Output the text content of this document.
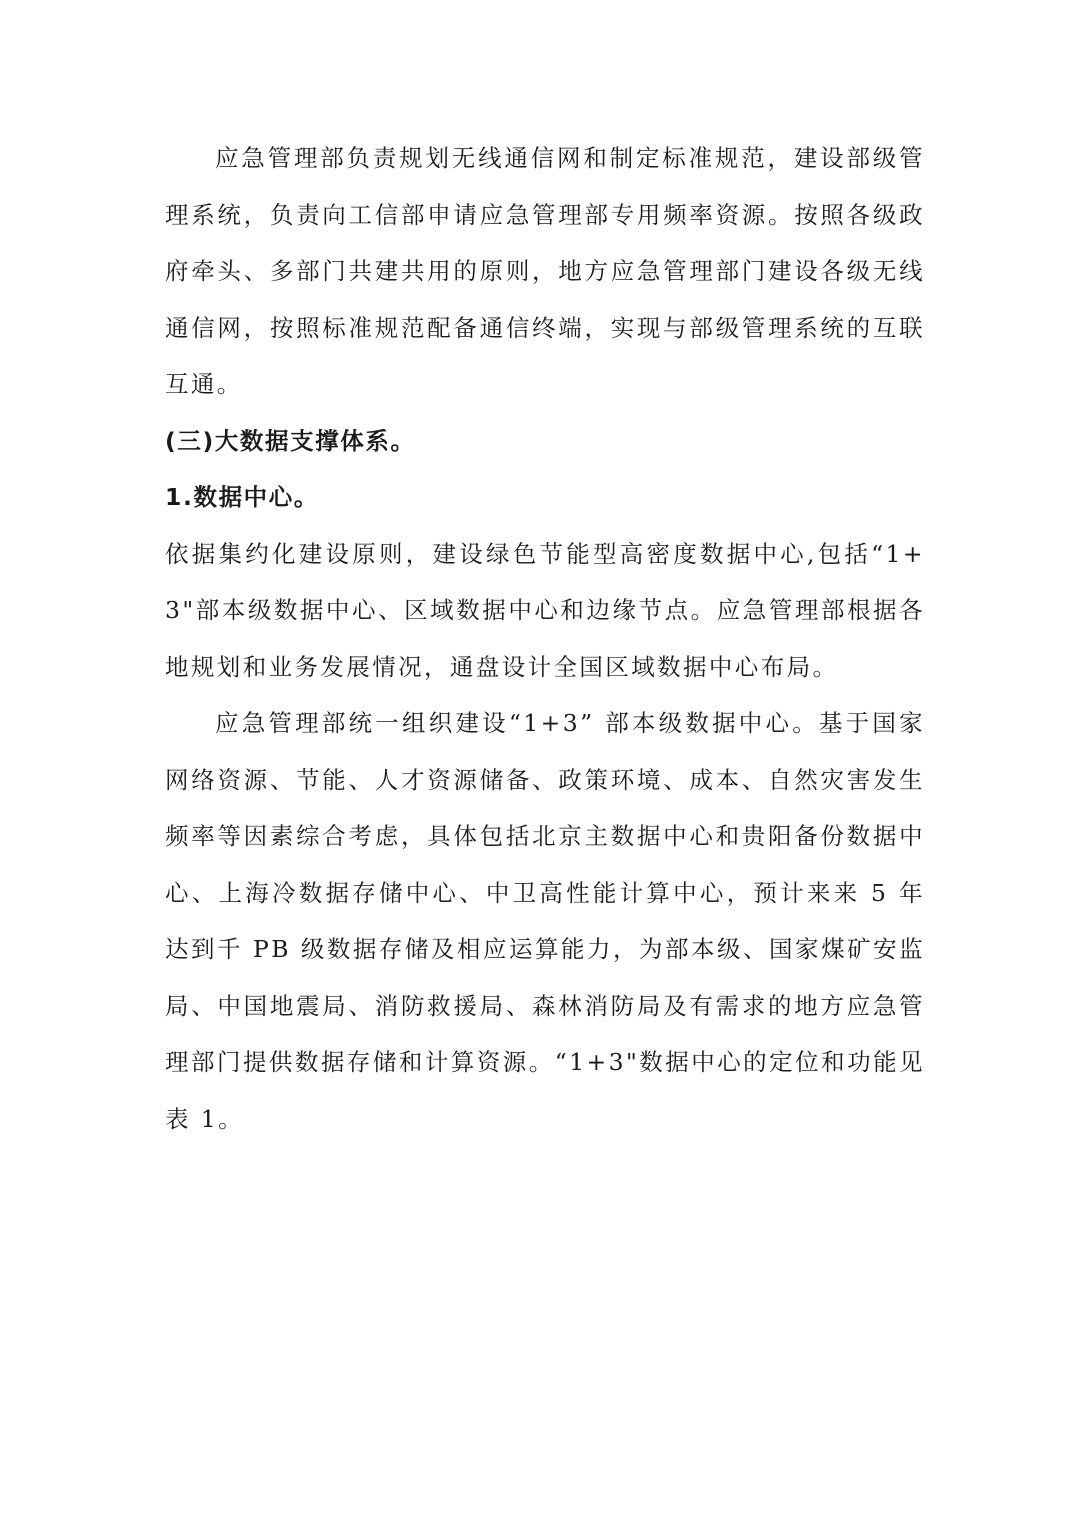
应急管理部负责规划无线通信网和制定标准规范，建设部级管理系统，负责向工信部申请应急管理部专用频率资源。按照各级政府牵头、多部门共建共用的原则，地方应急管理部门建设各级无线通信网，按照标准规范配备通信终端，实现与部级管理系统的互联互通。

(三)大数据支撑体系。

1.数据中心。

依据集约化建设原则，建设绿色节能型高密度数据中心,包括“1+3"部本级数据中心、区域数据中心和边缘节点。应急管理部根据各地规划和业务发展情况，通盘设计全国区域数据中心布局。

应急管理部统一组织建设“1+3” 部本级数据中心。基于国家网络资源、节能、人才资源储备、政策环境、成本、自然灾害发生频率等因素综合考虑，具体包括北京主数据中心和贵阳备份数据中心、上海冷数据存储中心、中卫高性能计算中心，预计来来 5 年达到千 PB 级数据存储及相应运算能力，为部本级、国家煤矿安监局、中国地震局、消防救援局、森林消防局及有需求的地方应急管理部门提供数据存储和计算资源。“1+3"数据中心的定位和功能见表 1。
